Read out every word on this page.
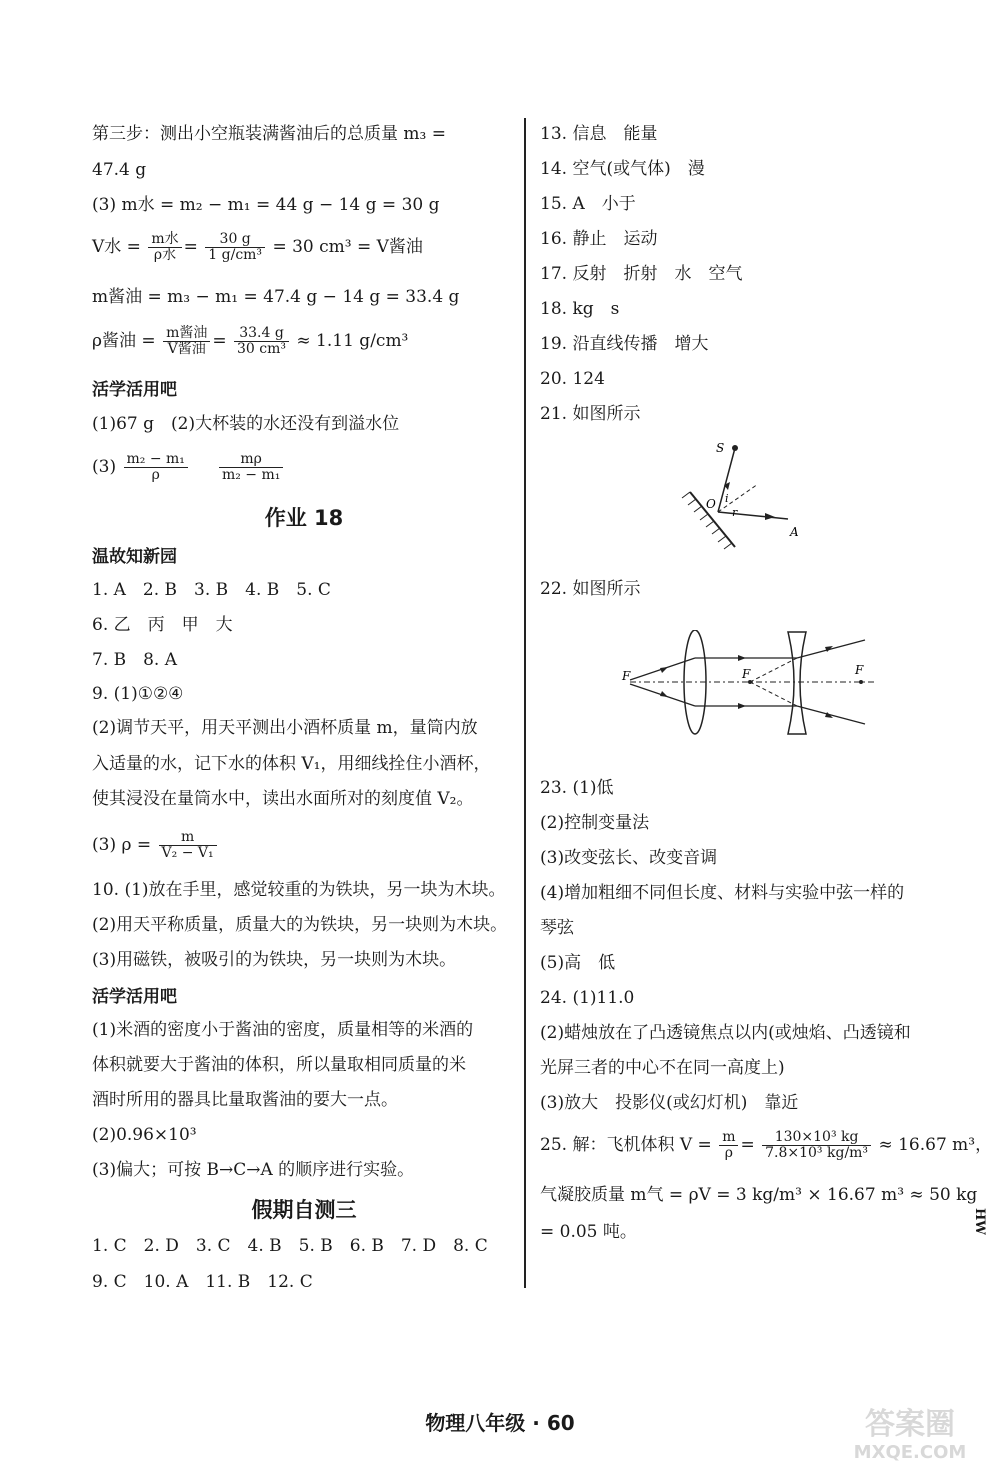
第三步：测出小空瓶装满酱油后的总质量 m₃ =
47.4 g
(3) m水 = m₂ − m₁ = 44 g − 14 g = 30 g
V水 = $\frac{\text{m水}}{\text{ρ水}} = \frac{30 g}{\text{1 g/cm³}} = 30$ cm³ = V酱油
m酱油 = m₃ − m₁ = 47.4 g − 14 g = 33.4 g
ρ酱油 = $\frac{\text{m酱油}}{\text{V酱油}} = \frac{33.4 g}{\text{30 cm³}} \approx 1.11$ g/cm³
活学活用吧
(1)67 g　(2)大杯装的水还没有到溢水位
$(3) \frac{\text{m₂ − m₁}}{\rho}$
$\frac{m\rho}{\text{m₂ − m₁}}$
作业 18
温故知新园
1. A　2. B　3. B　4. B　5. C
6. 乙　丙　甲　大
7. B　8. A
9. (1)①②④
(2)调节天平，用天平测出小酒杯质量 m，量筒内放
入适量的水，记下水的体积 V₁，用细线拴住小酒杯，
使其浸没在量筒水中，读出水面所对的刻度值 V₂。
(3) $\rho = \frac{m}{\text{V₂ − V₁}}$
10. (1)放在手里，感觉较重的为铁块，另一块为木块。
(2)用天平称质量，质量大的为铁块，另一块则为木块。
(3)用磁铁，被吸引的为铁块，另一块则为木块。
活学活用吧
(1)米酒的密度小于酱油的密度，质量相等的米酒的
体积就要大于酱油的体积，所以量取相同质量的米
酒时所用的器具比量取酱油的要大一点。
(2)0.96×10³
(3)偏大；可按 B→C→A 的顺序进行实验。
假期自测三
1. C　2. D　3. C　4. B　5. B　6. B　7. D　8. C
9. C　10. A　11. B　12. C
13. 信息　能量
14. 空气(或气体)　漫
15. A　小于
16. 静止　运动
17. 反射　折射　水　空气
18. kg　s
19. 沿直线传播　增大
20. 124
21. 如图所示
S
O i
r
A
22. 如图所示
F	F	F
23. (1)低
(2)控制变量法
(3)改变弦长、改变音调
(4)增加粗细不同但长度、材料与实验中弦一样的
琴弦
(5)高　低
24. (1)11.0
(2)蜡烛放在了凸透镜焦点以内(或烛焰、凸透镜和
光屏三者的中心不在同一高度上)
(3)放大　投影仪(或幻灯机)　靠近
25. 解：飞机体积 $V = \frac{m}{\rho} = \frac{\text{130×10³ kg}}{\text{7.8×10³ kg/m³}} \approx 16.67$ m³，
气凝胶质量 m气 = ρV = 3 kg/m³ × 16.67 m³ ≈ 50 kg
= 0.05 吨。	HW
物理八年级 · 60	答案圈
MXQE.COM
